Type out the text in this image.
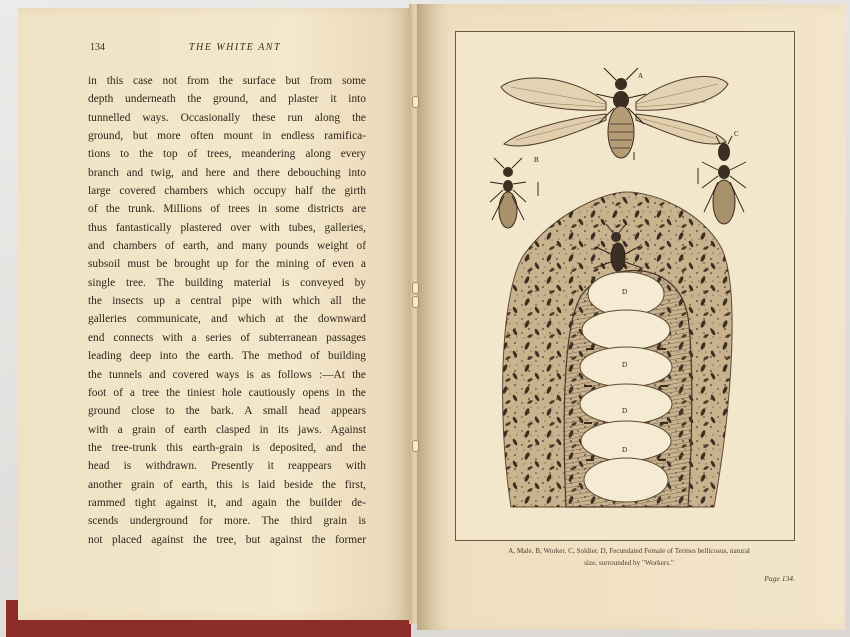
134	THE WHITE ANT
in this case not from the surface but from some
depth underneath the ground, and plaster it into
tunnelled ways. Occasionally these run along the
ground, but more often mount in endless ramifica-
tions to the top of trees, meandering along every
branch and twig, and here and there debouching into
large covered chambers which occupy half the girth
of the trunk. Millions of trees in some districts are
thus fantastically plastered over with tubes, galleries,
and chambers of earth, and many pounds weight of
subsoil must be brought up for the mining of even a
single tree. The building material is conveyed by
the insects up a central pipe with which all the
galleries communicate, and which at the downward
end connects with a series of subterranean passages
leading deep into the earth. The method of building
the tunnels and covered ways is as follows :—At the
foot of a tree the tiniest hole cautiously opens in the
ground close to the bark. A small head appears
with a grain of earth clasped in its jaws. Against
the tree-trunk this earth-grain is deposited, and the
head is withdrawn. Presently it reappears with
another grain of earth, this is laid beside the first,
rammed tight against it, and again the builder de-
scends underground for more. The third grain is
not placed against the tree, but against the former
D
D
D
D
A
B
C
A, Male. B, Worker. C, Soldier. D, Fecundated Female of Termes bellicosus, natural
size, surrounded by "Workers."
Page 134.
